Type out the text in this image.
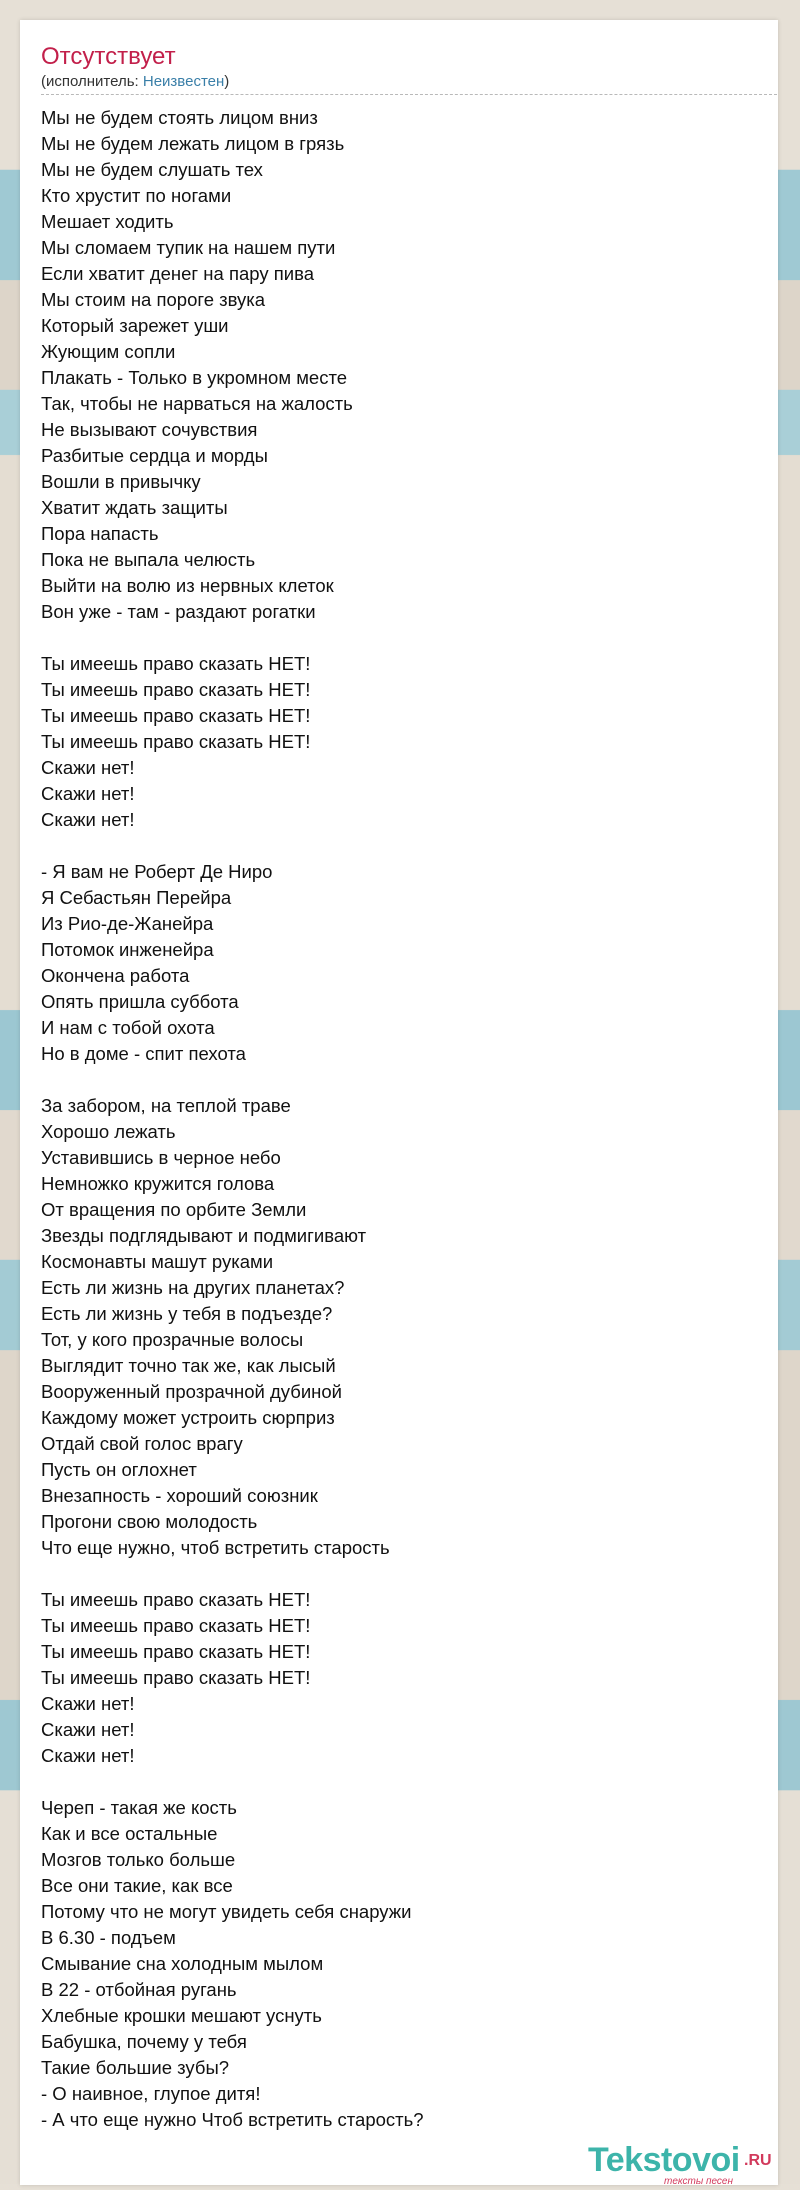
Отсутствует
(исполнитель: Неизвестен)
Мы не будем стоять лицом вниз
Мы не будем лежать лицом в грязь
Мы не будем слушать тех
Кто хрустит по ногами
Мешает ходить
Мы сломаем тупик на нашем пути
Если хватит денег на пару пива
Мы стоим на пороге звука
Который зарежет уши
Жующим сопли
Плакать - Только в укромном месте
Так, чтобы не нарваться на жалость
Не вызывают сочувствия
Разбитые сердца и морды
Вошли в привычку
Хватит ждать защиты
Пора напасть
Пока не выпала челюсть
Выйти на волю из нервных клеток
Вон уже - там - раздают рогатки
Ты имеешь право сказать НЕТ!
Ты имеешь право сказать НЕТ!
Ты имеешь право сказать НЕТ!
Ты имеешь право сказать НЕТ!
Скажи нет!
Скажи нет!
Скажи нет!
- Я вам не Роберт Де Ниро
Я Себастьян Перейра
Из Рио-де-Жанейра
Потомок инженейра
Окончена работа
Опять пришла суббота
И нам с тобой охота
Но в доме - спит пехота
За забором, на теплой траве
Хорошо лежать
Уставившись в черное небо
Немножко кружится голова
От вращения по орбите Земли
Звезды подглядывают и подмигивают
Космонавты машут руками
Есть ли жизнь на других планетах?
Есть ли жизнь у тебя в подъезде?
Тот, у кого прозрачные волосы
Выглядит точно так же, как лысый
Вооруженный прозрачной дубиной
Каждому может устроить сюрприз
Отдай свой голос врагу
Пусть он оглохнет
Внезапность - хороший союзник
Прогони свою молодость
Что еще нужно, чтоб встретить старость
Ты имеешь право сказать НЕТ!
Ты имеешь право сказать НЕТ!
Ты имеешь право сказать НЕТ!
Ты имеешь право сказать НЕТ!
Скажи нет!
Скажи нет!
Скажи нет!
Череп - такая же кость
Как и все остальные
Мозгов только больше
Все они такие, как все
Потому что не могут увидеть себя снаружи
В 6.30 - подъем
Смывание сна холодным мылом
В 22 - отбойная ругань
Хлебные крошки мешают уснуть
Бабушка, почему у тебя
Такие большие зубы?
- О наивное, глупое дитя!
- А что еще нужно Чтоб встретить старость?
Tekstovoi .RU
тексты песен
